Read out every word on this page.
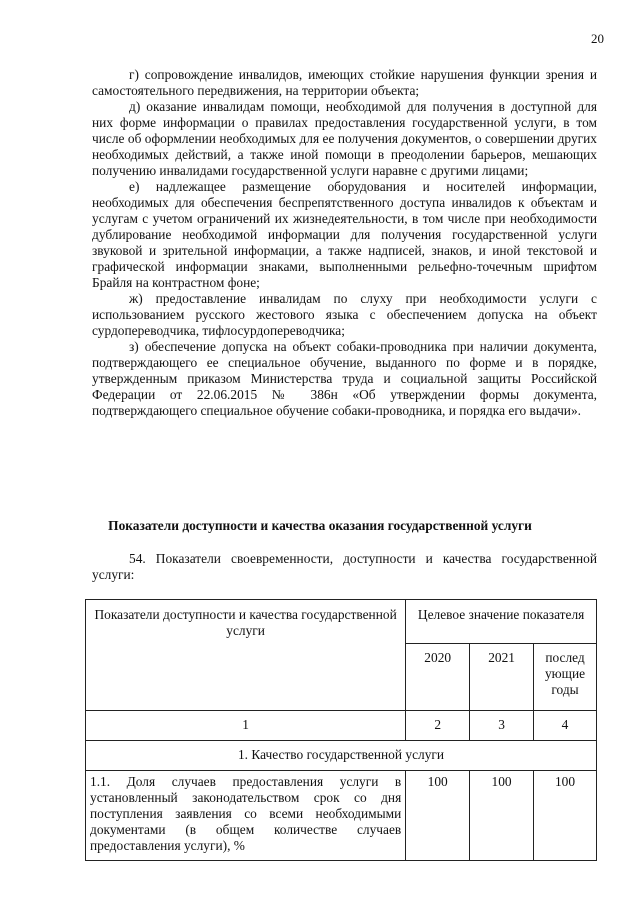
20

г) сопровождение инвалидов, имеющих стойкие нарушения функции зрения и самостоятельного передвижения, на территории объекта;

д) оказание инвалидам помощи, необходимой для получения в доступной для них форме информации о правилах предоставления государственной услуги, в том числе об оформлении необходимых для ее получения документов, о совершении других необходимых действий, а также иной помощи в преодолении барьеров, мешающих получению инвалидами государственной услуги наравне с другими лицами;

е) надлежащее размещение оборудования и носителей информации, необходимых для обеспечения беспрепятственного доступа инвалидов к объектам и услугам с учетом ограничений их жизнедеятельности, в том числе при необходимости дублирование необходимой информации для получения государственной услуги звуковой и зрительной информации, а также надписей, знаков, и иной текстовой и графической информации знаками, выполненными рельефно-точечным шрифтом Брайля на контрастном фоне;

ж) предоставление инвалидам по слуху при необходимости услуги с использованием русского жестового языка с обеспечением допуска на объект сурдопереводчика, тифлосурдопереводчика;

з) обеспечение допуска на объект собаки-проводника при наличии документа, подтверждающего ее специальное обучение, выданного по форме и в порядке, утвержденным приказом Министерства труда и социальной защиты Российской Федерации от 22.06.2015 № 386н «Об утверждении формы документа, подтверждающего специальное обучение собаки-проводника, и порядка его выдачи».

Показатели доступности и качества оказания государственной услуги

54. Показатели своевременности, доступности и качества государственной услуги:

Показатели доступности и качества государственной услуги	Целевое значение показателя		
	2020	2021	послед ующие годы
1	2	3	4
1. Качество государственной услуги			
1.1. Доля случаев предоставления услуги в установленный законодательством срок со дня поступления заявления со всеми необходимыми документами (в общем количестве случаев предоставления услуги), %	100	100	100
